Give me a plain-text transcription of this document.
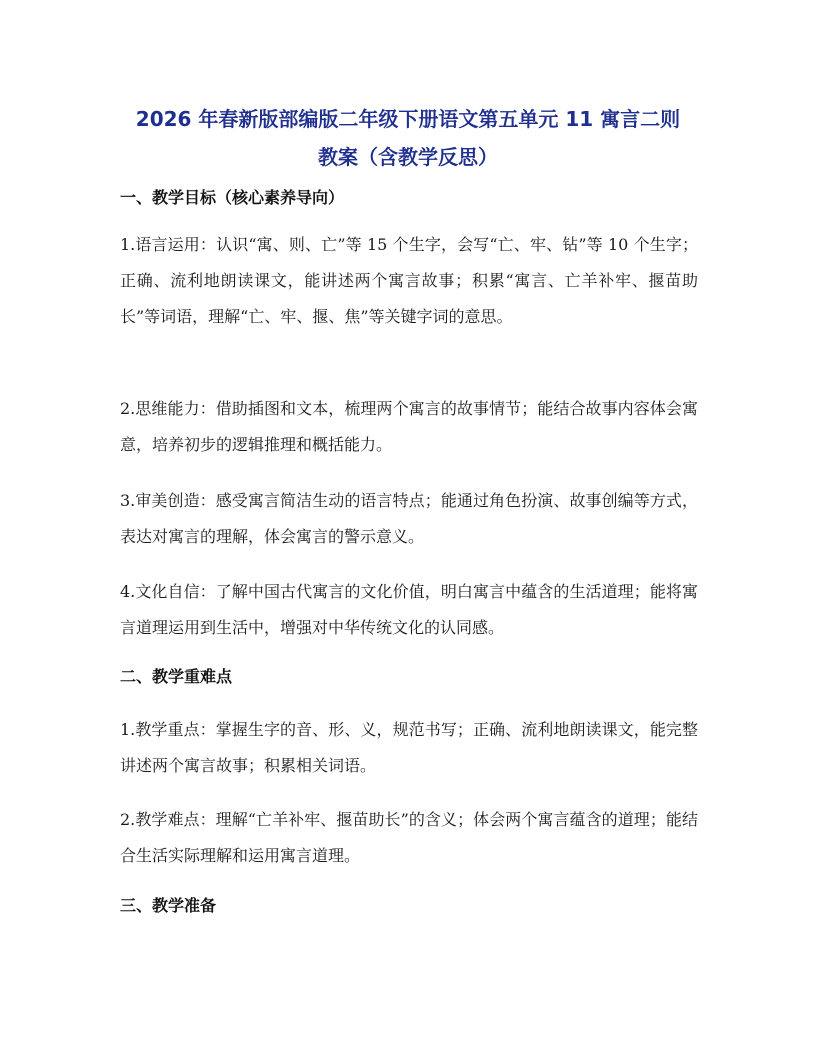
2026 年春新版部编版二年级下册语文第五单元 11 寓言二则
教案（含教学反思）
一、教学目标（核心素养导向）
1.语言运用：认识“寓、则、亡”等 15 个生字，会写“亡、牢、钻”等 10 个生字；正确、流利地朗读课文，能讲述两个寓言故事；积累“寓言、亡羊补牢、揠苗助长”等词语，理解“亡、牢、揠、焦”等关键字词的意思。
2.思维能力：借助插图和文本，梳理两个寓言的故事情节；能结合故事内容体会寓意，培养初步的逻辑推理和概括能力。
3.审美创造：感受寓言简洁生动的语言特点；能通过角色扮演、故事创编等方式，表达对寓言的理解，体会寓言的警示意义。
4.文化自信：了解中国古代寓言的文化价值，明白寓言中蕴含的生活道理；能将寓言道理运用到生活中，增强对中华传统文化的认同感。
二、教学重难点
1.教学重点：掌握生字的音、形、义，规范书写；正确、流利地朗读课文，能完整讲述两个寓言故事；积累相关词语。
2.教学难点：理解“亡羊补牢、揠苗助长”的含义；体会两个寓言蕴含的道理；能结合生活实际理解和运用寓言道理。
三、教学准备
